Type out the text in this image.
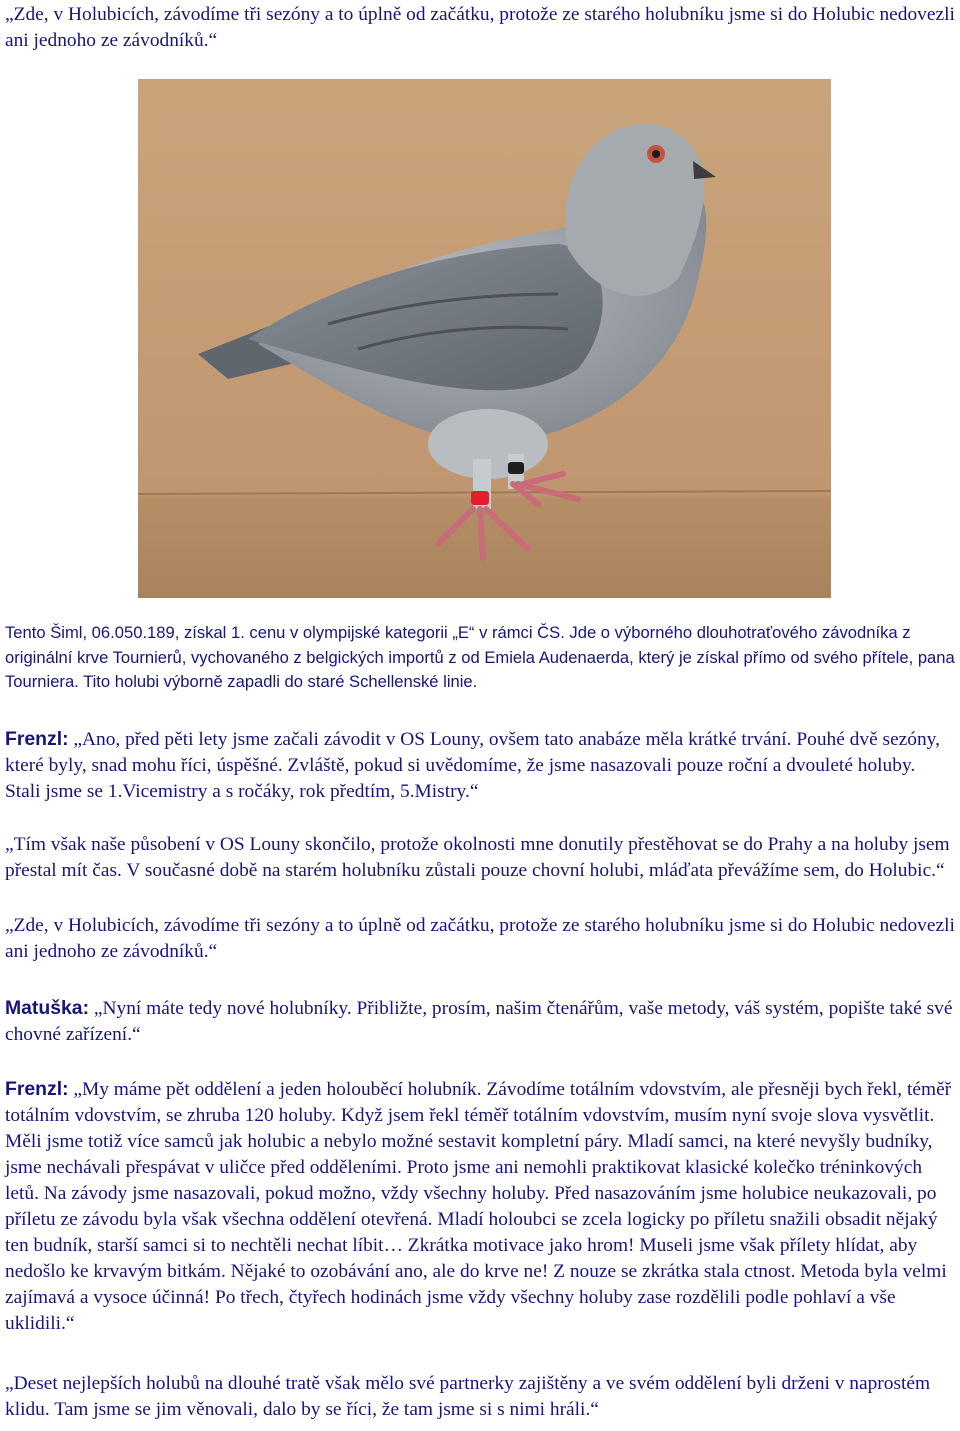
„Zde, v Holubicích, závodíme tři sezóny a to úplně od začátku, protože ze starého holubníku jsme si do Holubic nedovezli ani jednoho ze závodníků.“

Tento Šiml, 06.050.189, získal 1. cenu v olympijské kategorii „E“ v rámci ČS. Jde o výborného dlouhotraťového závodníka z originální krve Tournierů, vychovaného z belgických importů z od Emiela Audenaerda, který je získal přímo od svého přítele, pana Tourniera. Tito holubi výborně zapadli do staré Schellenské linie.

Frenzl: „Ano, před pěti lety jsme začali závodit v OS Louny, ovšem tato anabáze měla krátké trvání. Pouhé dvě sezóny, které byly, snad mohu říci, úspěšné. Zvláště, pokud si uvědomíme, že jsme nasazovali pouze roční a dvouleté holuby. Stali jsme se 1.Vicemistry a s ročáky, rok předtím, 5.Mistry.“

„Tím však naše působení v OS Louny skončilo, protože okolnosti mne donutily přestěhovat se do Prahy a na holuby jsem přestal mít čas. V současné době na starém holubníku zůstali pouze chovní holubi, mláďata převážíme sem, do Holubic.“

„Zde, v Holubicích, závodíme tři sezóny a to úplně od začátku, protože ze starého holubníku jsme si do Holubic nedovezli ani jednoho ze závodníků.“

Matuška: „Nyní máte tedy nové holubníky. Přibližte, prosím, našim čtenářům, vaše metody, váš systém, popište také své chovné zařízení.“

Frenzl: „My máme pět oddělení a jeden holouběcí holubník. Závodíme totálním vdovstvím, ale přesněji bych řekl, téměř totálním vdovstvím, se zhruba 120 holuby. Když jsem řekl téměř totálním vdovstvím, musím nyní svoje slova vysvětlit. Měli jsme totiž více samců jak holubic a nebylo možné sestavit kompletní páry. Mladí samci, na které nevyšly budníky, jsme nechávali přespávat v uličce před odděleními. Proto jsme ani nemohli praktikovat klasické kolečko tréninkových letů. Na závody jsme nasazovali, pokud možno, vždy všechny holuby. Před nasazováním jsme holubice neukazovali, po příletu ze závodu byla však všechna oddělení otevřená. Mladí holoubci se zcela logicky po příletu snažili obsadit nějaký ten budník, starší samci si to nechtěli nechat líbit… Zkrátka motivace jako hrom! Museli jsme však přílety hlídat, aby nedošlo ke krvavým bitkám. Nějaké to ozobávání ano, ale do krve ne! Z nouze se zkrátka stala ctnost. Metoda byla velmi zajímavá a vysoce účinná! Po třech, čtyřech hodinách jsme vždy všechny holuby zase rozdělili podle pohlaví a vše uklidili.“

„Deset nejlepších holubů na dlouhé tratě však mělo své partnerky zajištěny a ve svém oddělení byli drženi v naprostém klidu. Tam jsme se jim věnovali, dalo by se říci, že tam jsme si s nimi hráli.“
